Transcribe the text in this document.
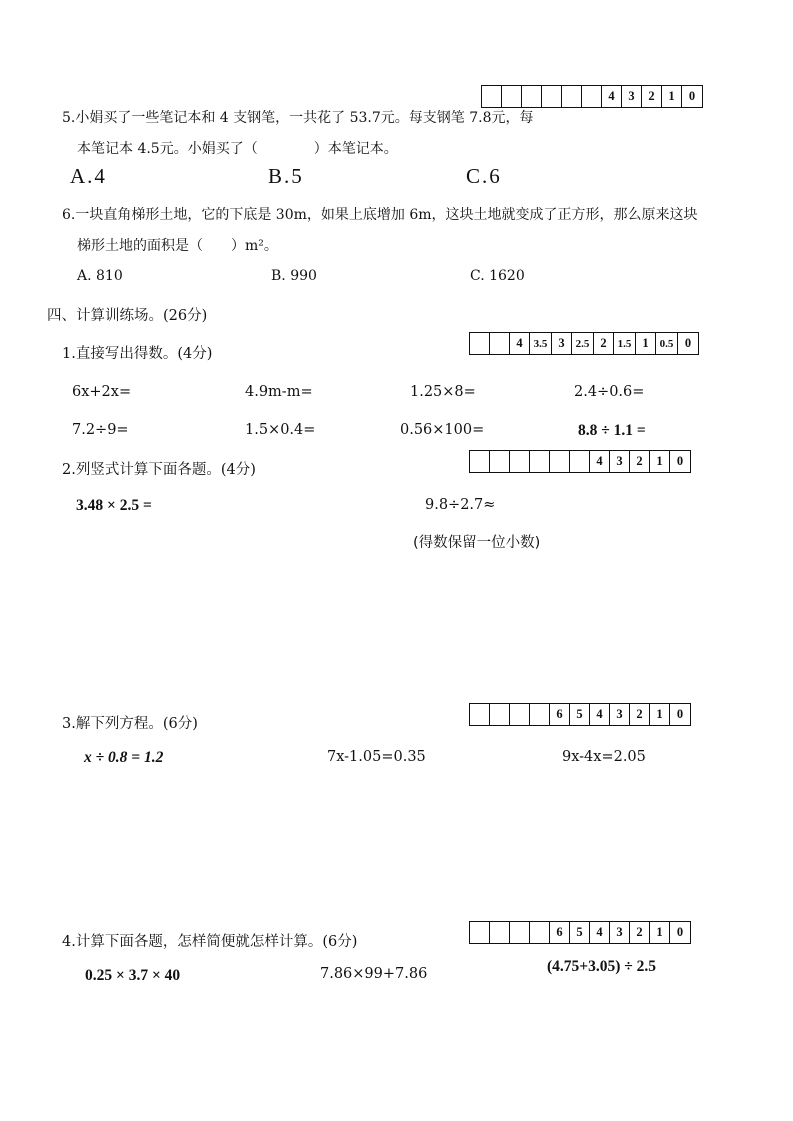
4	3	2	1	0
5.小娟买了一些笔记本和 4 支钢笔，一共花了 53.7元。每支钢笔 7.8元，每
本笔记本 4.5元。小娟买了（　　　　）本笔记本。
A.4	B.5	C.6
6.一块直角梯形土地，它的下底是 30m，如果上底增加 6m，这块土地就变成了正方形，那么原来这块
梯形土地的面积是（　　）m²。
A. 810	B. 990	C. 1620
四、计算训练场。(26分)
1.直接写出得数。(4分)
4	3.5 3	2.5 2	1.5 1	0.5 0
6x+2x=	4.9m-m=	1.25×8=	2.4÷0.6=
7.2÷9=	1.5×0.4=	0.56×100=	8.8 ÷ 1.1 =
2.列竖式计算下面各题。(4分)
4	3	2	1	0
3.48 × 2.5 =	9.8÷2.7≈
(得数保留一位小数)
3.解下列方程。(6分)
6	5	4	3	2	1	0
x ÷ 0.8 = 1.2	7x-1.05=0.35	9x-4x=2.05
4.计算下面各题，怎样简便就怎样计算。(6分)
6	5	4	3	2	1	0
0.25 × 3.7 × 40	7.86×99+7.86	(4.75+3.05) ÷ 2.5
